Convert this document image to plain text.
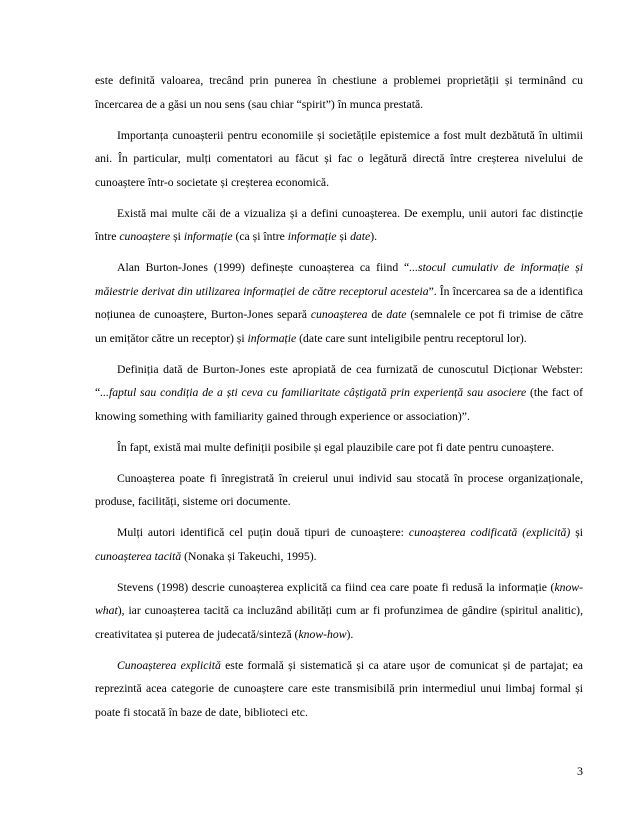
este definită valoarea, trecând prin punerea în chestiune a problemei proprietății și terminând cu încercarea de a găsi un nou sens (sau chiar “spirit”) în munca prestată.

Importanța cunoașterii pentru economiile și societățile epistemice a fost mult dezbătută în ultimii ani. În particular, mulți comentatori au făcut și fac o legătură directă între creșterea nivelului de cunoaștere într-o societate și creșterea economică.

Există mai multe căi de a vizualiza și a defini cunoașterea. De exemplu, unii autori fac distincție între cunoaștere și informație (ca și între informație și date).

Alan Burton-Jones (1999) definește cunoașterea ca fiind “...stocul cumulativ de informație și măiestrie derivat din utilizarea informației de către receptorul acesteia”. În încercarea sa de a identifica noțiunea de cunoaștere, Burton-Jones separă cunoașterea de date (semnalele ce pot fi trimise de către un emițător către un receptor) și informație (date care sunt inteligibile pentru receptorul lor).

Definiția dată de Burton-Jones este apropiată de cea furnizată de cunoscutul Dicționar Webster: “...faptul sau condiția de a ști ceva cu familiaritate câștigată prin experiență sau asociere (the fact of knowing something with familiarity gained through experience or association)”.

În fapt, există mai multe definiții posibile și egal plauzibile care pot fi date pentru cunoaștere.

Cunoașterea poate fi înregistrată în creierul unui individ sau stocată în procese organizaționale, produse, facilități, sisteme ori documente.

Mulți autori identifică cel puțin două tipuri de cunoaștere: cunoașterea codificată (explicită) și cunoașterea tacită (Nonaka și Takeuchi, 1995).

Stevens (1998) descrie cunoașterea explicită ca fiind cea care poate fi redusă la informație (know-what), iar cunoașterea tacită ca incluzând abilități cum ar fi profunzimea de gândire (spiritul analitic), creativitatea și puterea de judecată/sinteză (know-how).

Cunoașterea explicită este formală și sistematică și ca atare ușor de comunicat și de partajat; ea reprezintă acea categorie de cunoaștere care este transmisibilă prin intermediul unui limbaj formal și poate fi stocată în baze de date, biblioteci etc.

3
